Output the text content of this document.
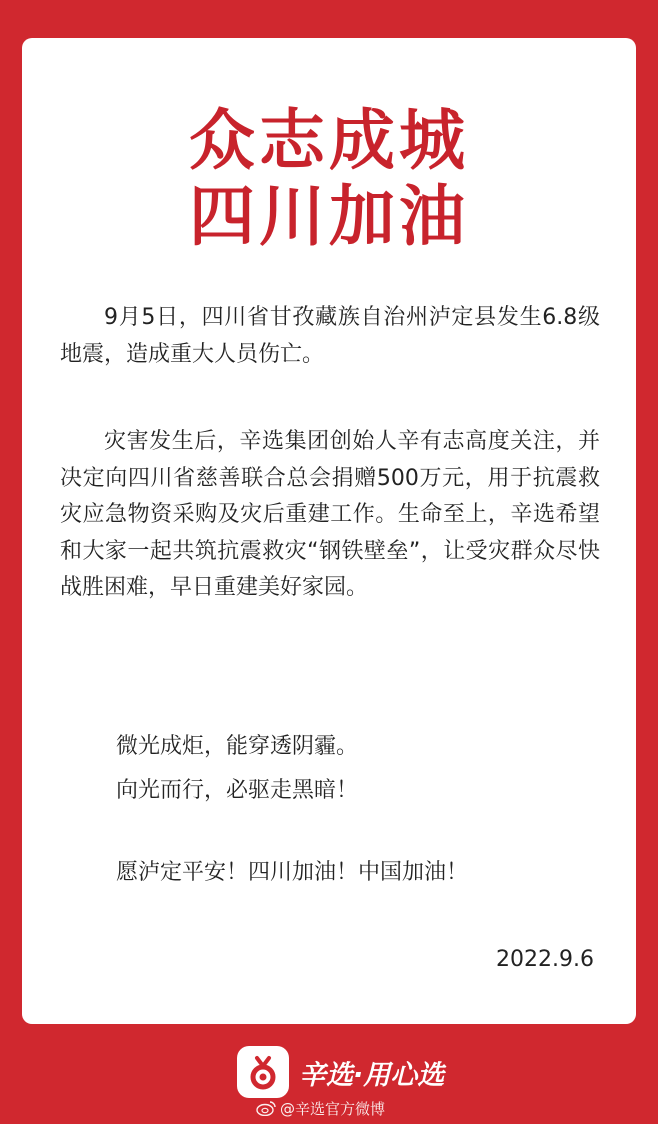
众志成城
四川加油

9月5日，四川省甘孜藏族自治州泸定县发生6.8级地震，造成重大人员伤亡。

灾害发生后，辛选集团创始人辛有志高度关注，并决定向四川省慈善联合总会捐赠500万元，用于抗震救灾应急物资采购及灾后重建工作。生命至上，辛选希望和大家一起共筑抗震救灾“钢铁壁垒”，让受灾群众尽快战胜困难，早日重建美好家园。

微光成炬，能穿透阴霾。

向光而行，必驱走黑暗！

愿泸定平安！四川加油！中国加油！

2022.9.6

辛选·用心选
@辛选官方微博
